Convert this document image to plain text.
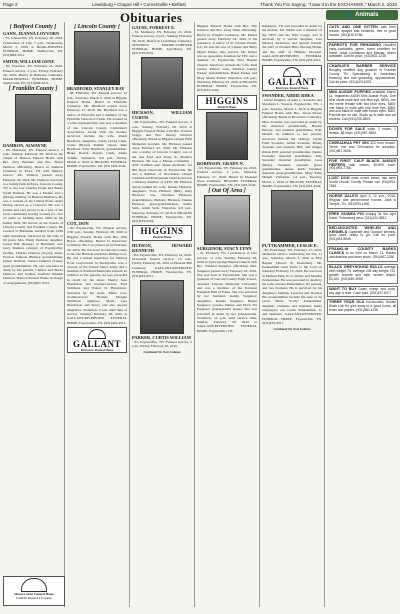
Page 2	Lewisburg • Chapel Hill • Cornersville • Belfast	Thank You For Saying, "I saw it in the EXCHANGE," March 2, 2016
Obituaries	🐾 Animals
[ Bedford County ]

GANN, JEANNA LOVVORN
- 55, Unionville, TN. February 28, 2016. Celebration of Life, 7 p.m., Wednesday, March 2, 2016 at DOAK-HOWELL FUNERAL HOME, Shelbyville, TN. (931)684-5011.

SMITH, WILLIAM GENE
- 82, Wartrace, TN. February 23, 2016. Funeral service, 2 p.m., Friday, February 26, 2016. Burial in Bellevue Cemetery. DOAK-HOWELL FUNERAL HOME, Shelbyville, TN. (931)684-5011.

[ Franklin County ]

DAMRON, ALWAYNE
- 86, Huntland, TN. Funeral service, 2 p.m., Sunday, February 28, 2016 in the chapel of Hanson Funeral Home with Bro. Jerry Buckner and Bro. Bruce Damron officiating. Burial in Damron Cemetery in Elora, TN with military honors. Mr. Damron passed away February 26, 2016. Mr. Damron was born to a family farm in Elora, Lincoln County, TN to the late Charles Frank and Bertie Sarah Damron. He was a Farmer and a lifelong member of Hanson-Mulberry. He was a veteran of the United States Army having served as a Corporal. He was a former and very proud to be a part of the local community having worked for over 25 years on farming since 1969 on his family farm. He served on the boards of Lincoln County and Franklin County. He worked at Buckinne Aerated from 1956 until retirement. Survived by his wife of 60 years, Mrs. Emily Damron; daughter, Jeneal Hilt (Kenny) of Huntland; son, Gary Damron (Angie) of Fayetteville; brother, Charles Damron (Joyce); sister, Frances Johnson (Hollis); grandchildren, Jamey Damron, Jessica Damron (Lane); great-grandchildren. He was preceded in death by his parents, Charles and Bertie Damron; and brother, Garfield Windell Damron. Hanson Funeral Home in charge of arrangements. (931)967-3323.

Mason Carter Funeral Home
Franklin Memorial Gardens
[ Lincoln County ]

BRADFORD, STANLEY RAY
- 48, Flintville, TN. Funeral service, 12 p.m., Saturday, March 5, 2016 at Higgins Funeral Home. Burial in Flintville Cemetery. Mr. Bradford passed away February 27, 2016. Mr. Bradford was a native of Flintville and a member of the Flintville Church of Christ. He worked as a sales representative and was a member of the Lincoln County Cattleman's Association. Along with his mother, survivors include his wife, Randi Bradford; daughters, Cindy (Josh) Clark, Carrie (Bryan) Tomlin; sisters, Julie Bradford, Sally Bradford; grandchildren, Blake Rorick, Kaylee Clark, Annie Tomlin. Visitation, 4-8 p.m., Friday, March 4, 2016 at HIGGINS FUNERAL HOME, Fayetteville, TN. (931)433-2544.

COX, DON
- 82, Fayetteville, TN. Funeral service, 3:30 p.m., Sunday, February 28, 2016 at Higgins Funeral Home with Bro. Phil Bryan officiating. Burial in Riverview Cemetery. Mr. Cox passed away February 26, 2016. He was born in Lincoln County to the late Herman and Edna Phillips Cox. He was a retired supervisor for Sanford Food Corporation in Shelbyville, was a veteran of the United States Army and a member of Fairfield Methodist Church. In addition to his parents, he was preceded in death by his sister, Shelby Jean Hendrixon and brothers-in-law, Fred Smithson and Walter D. Hendrixon. Survived by his sister, Marie Cox; brother-in-law, Thomas Morgan Smithson; nephews, Mark, Lyle Hendrixon and Terry; and also special neighbors. Visitation, 2 p.m. until time of service, Sunday, February 28, 2016 at GALLANT-RIVERVIEW FUNERAL HOME, Fayetteville, TN. (931)433-4511.

GALLANT
Riverview Funeral Home

GAUSE, FORREST E.
- 81, Mulberry, TN. February 23, 2016. Funeral service, 2 p.m., Sunday, February 28, 2016. Burial in Lynchburg Cemetery. JENNINGS MOORE-CORTNER FUNERAL HOME, Lynchburg, TN. (931)759-4552.

HICKSON, WILLIAM CURTIS
- 68, Fayetteville, TN. Funeral service, 2 p.m., Sunday, February 28, 2016 at Higgins Funeral Home with Bro. Patricia Staggs and Bro. Dewey Dawson officiating. Burial in Higgins Chapel Hills Memorial Gardens. Mr. Hickson passed away February 25, 2016. Mr. Hickson was a native of Lincoln County; son of the late Fred and Daisy R. Maddox Hickson. He was a Master Craftsman - ASE certified auto diesel mechanic for Bill Boaz Chevrolet in Fayetteville. He was a member of Woodlands Chapel Cumberland Presbyterian Church and was a lifelong member of VFW. Mr. Hickson leaves behind his wife, Denise Hickson; daughters, Nora Hickson (Bill), Amy Hickson; son, Jonathan Hickson; grandchildren, Bethany Hickson, Denise Hickson; great-grandchildren, Kathy Sells, Adam Sells. Visitation, 4-8 p.m., Saturday, February 27, 2016 at HIGGINS FUNERAL HOME, Fayetteville, TN. (931)433-2544.

HIGGINS
Funeral Home

HUDSON, HOWARD KENNETH
- 84, Fayetteville, TN. February 24, 2016. Graveside funeral service, 10 a.m., Friday, February 26, 2016 at Pleasant Hill Cemetery. GALLANT-RIVERVIEW FUNERAL HOME, Fayetteville, TN. (931)433-4511.

PARKER, CURTIS WILLIAM
- 81, Fayetteville, TN. Funeral service, 2 p.m., Friday, February 26, 2016.

Continued On Next Column

Higgins Funeral Home with Bro. Tim Johnson and Bro. Greg Winn officiating. Burial in Wright's Cemetery. Mr. Parker passed away February 24, 2016 at his residence. A native of St. Charles Parish, LA, he was the son of Claude and Betty Myers Parker, who survive. Mr. Parker was an apprentice foreman for TPC and a member of Fayetteville First Baptist Church. Survivors include his wife, Kim Gentry Parker; sons, Maddox Gentry Parker; grandchildren, Baker Parker and Mary Maxie Parker. Visitation, 4-8 p.m., Thursday, February 25, 2016 at HIGGINS FUNERAL HOME, Fayetteville, TN. (931)433-2544.

HIGGINS
Funeral Home

ROBINSON, GRADY N.
- 93, Fayetteville, TN. February 24, 2016. Funeral service, 2 p.m., Saturday, February 27, 2016. Burial in Pleasant View Cemetery. HIGGINS FUNERAL HOME, Fayetteville, TN. (931)433-2544.

[ Out Of Area ]

SURGENOR, STACY LYNN
- 41, Florence, TN. Celebration of Life service, 11 a.m., Sunday, February 28, 2016 at Lynn Springs Baptist Church with Bro. Winfred Surgenor officiating. Mrs. Surgenor passed away February 18, 2016. She was born in Fayetteville. She was a graduate of Lincoln County High School, attended Lincoln Memorial University and was a member of the National Fastpitch Hall of Fame. She was survived by her husband, Kenny Surgenor; daughters, Kendra Surgenor, Hanna Surgenor; parents, Danny and Doris Pat Fergesor; grandparents; sisters. She was preceded in death by her grandparents. Visitation, 12 p.m. until service time, Sunday, February 28, 2016 at GALLANT-RIVERVIEW FUNERAL HOME, Fayetteville, TN.

Kingsport, TN and preceded in death by his mother, Mr. Smith was a member of the VFW and the Elks Lodge, and is survived by a special daughter, Lisa (Marty) Anderson; and special friends; the staff of Wooden Hills Nursing Home, and the staff of Hillside Hospital. GALLANT-RIVERVIEW FUNERAL HOME, Fayetteville, TN. (931)433-4511.

GALLANT
Riverview Funeral Home

SWANDER, ADDIE RHEA
- infant daughter of John C. Swander and Shoshana L. Stanton, Fayetteville, TN. 1 p.m., Tuesday, March 1, 2016 at Higgins Funeral Home with Bro. Jaxon Moore officiating. Burial in Riverview Cemetery. Miss Swander was preceded in death by her maternal grandmother, Brenda Harvey; and paternal grandfather, W.R. Menell. In addition to her parents, survivors include her siblings, Jaylen Faith Swander, Abbie Swander, Hailey Swander and Annette Hill; and Ringer Kitten Hill; paternal grandmother, Deidra Swander; maternal grandfather, Judy Swander; maternal grandfather, Leon (Mary) Swander; paternal great-grandmother, Annie Ruth Swander; maternal great-grandmother, Mary Ellen Menell. Visitation, 1-2 p.m., Tuesday, March 1, 2016 at HIGGINS FUNERAL HOME, Fayetteville, TN. (931)433-2544.

PUTTKAMMER, LESLIE E.
- 82, Petersburg, TN. February 27, 2016. Memorial service celebrating his life, 11 a.m., Saturday, March 5, 2016 at First Baptist Church in Petersburg. Mr. Puttkammer went home to the Lord on Saturday, February 13, 2016. He was born in Meheni Park, IL to Walter and Matilda Puttkammer. He was preceded in death by his wife, Orvena Puttkammer, his parents, and two brothers. He is survived by his daughters, Debbie, Leonard and Donald. His grandchildren include his wife of 52 years, Marie "Lolly" Puttkammer, daughter Christine and husband, Kelly Culpepper; son Leslie Puttkammer, Jr. and husband. GALLANT-RIVERVIEW FUNERAL HOME, Fayetteville, TN. (931)433-4511.

Continued On Next Column
CATS AND ONE KITTEN cats from rescue, spayed and neutered, free to good homes. (931)625-6786.
PARROTS FOR REHOMING Handfed baby cockatiels, green, some excellent for home. Adult Cockatoos and Macaw, others available. Call for price. (931)902-1238.
CHARLIE'S BARBER SERVICE Bringing certified dog groomer in Franklin County TN. Specializing in Sacerinary trimming and nail grooming, appointments. Call for price. (931)623-4203.
MINI AUSSIE PUPPIES available March 11, registered ASDR Mini Aussie Pups. One blue merle male and one blue eye, $600; one red merle female with two blue eyes, $600; one black tri male with one blue eye, $500; and one black tri male with brown eyes, $500. Parents are on site. Shots up to date and vet records. Call (931)205-6509.
DOVES FOR SALE white, 2 males, 1 female, $8 each. (931)967-3560.
CHIHUAHUA PET MIX $20 from rescue. Terrier mix and Chihuahua for adoption. (931)967-3506.
FIVE FIRST CALF BLACK ANGUS HEIFERS with calves, $2,800 each. (931)993-7766.
LOST DOG male mixed breed, last seen South Lincoln County. Please call. (931)993-7664.
HORSE SALE!!! April 2, 10 a.m., 2016. Regular and performance horses, Jack & Temple, TN. (931)993-1690.
FREE GUINEA PIG looking for the right home. Petersburg area. (931)434-3551.
BED-MOUNTED WHELEN AND KENNELS Captivate and Outdoor kennels, good used, ready to go. Call for price. (931)433-5849.
FRANKLIN COUNTY BARKS CLINICS to be held on March 12. Rabies vaccinations and other shots. (931)967-2250.
BLACK GREYHOUND BULLS average birth weight 75, average 205 day weight 733, growth records and milk, semen tested. $3,200. (931)489-4996.
WANT TO BUY Goats, sheep, and cows, any age or size. Cash paid. (931)437-8477.
THREE YEAR OLD full-blooded, female Black Lab for give away to a good home, all shots and papers. (931)580-4436.
